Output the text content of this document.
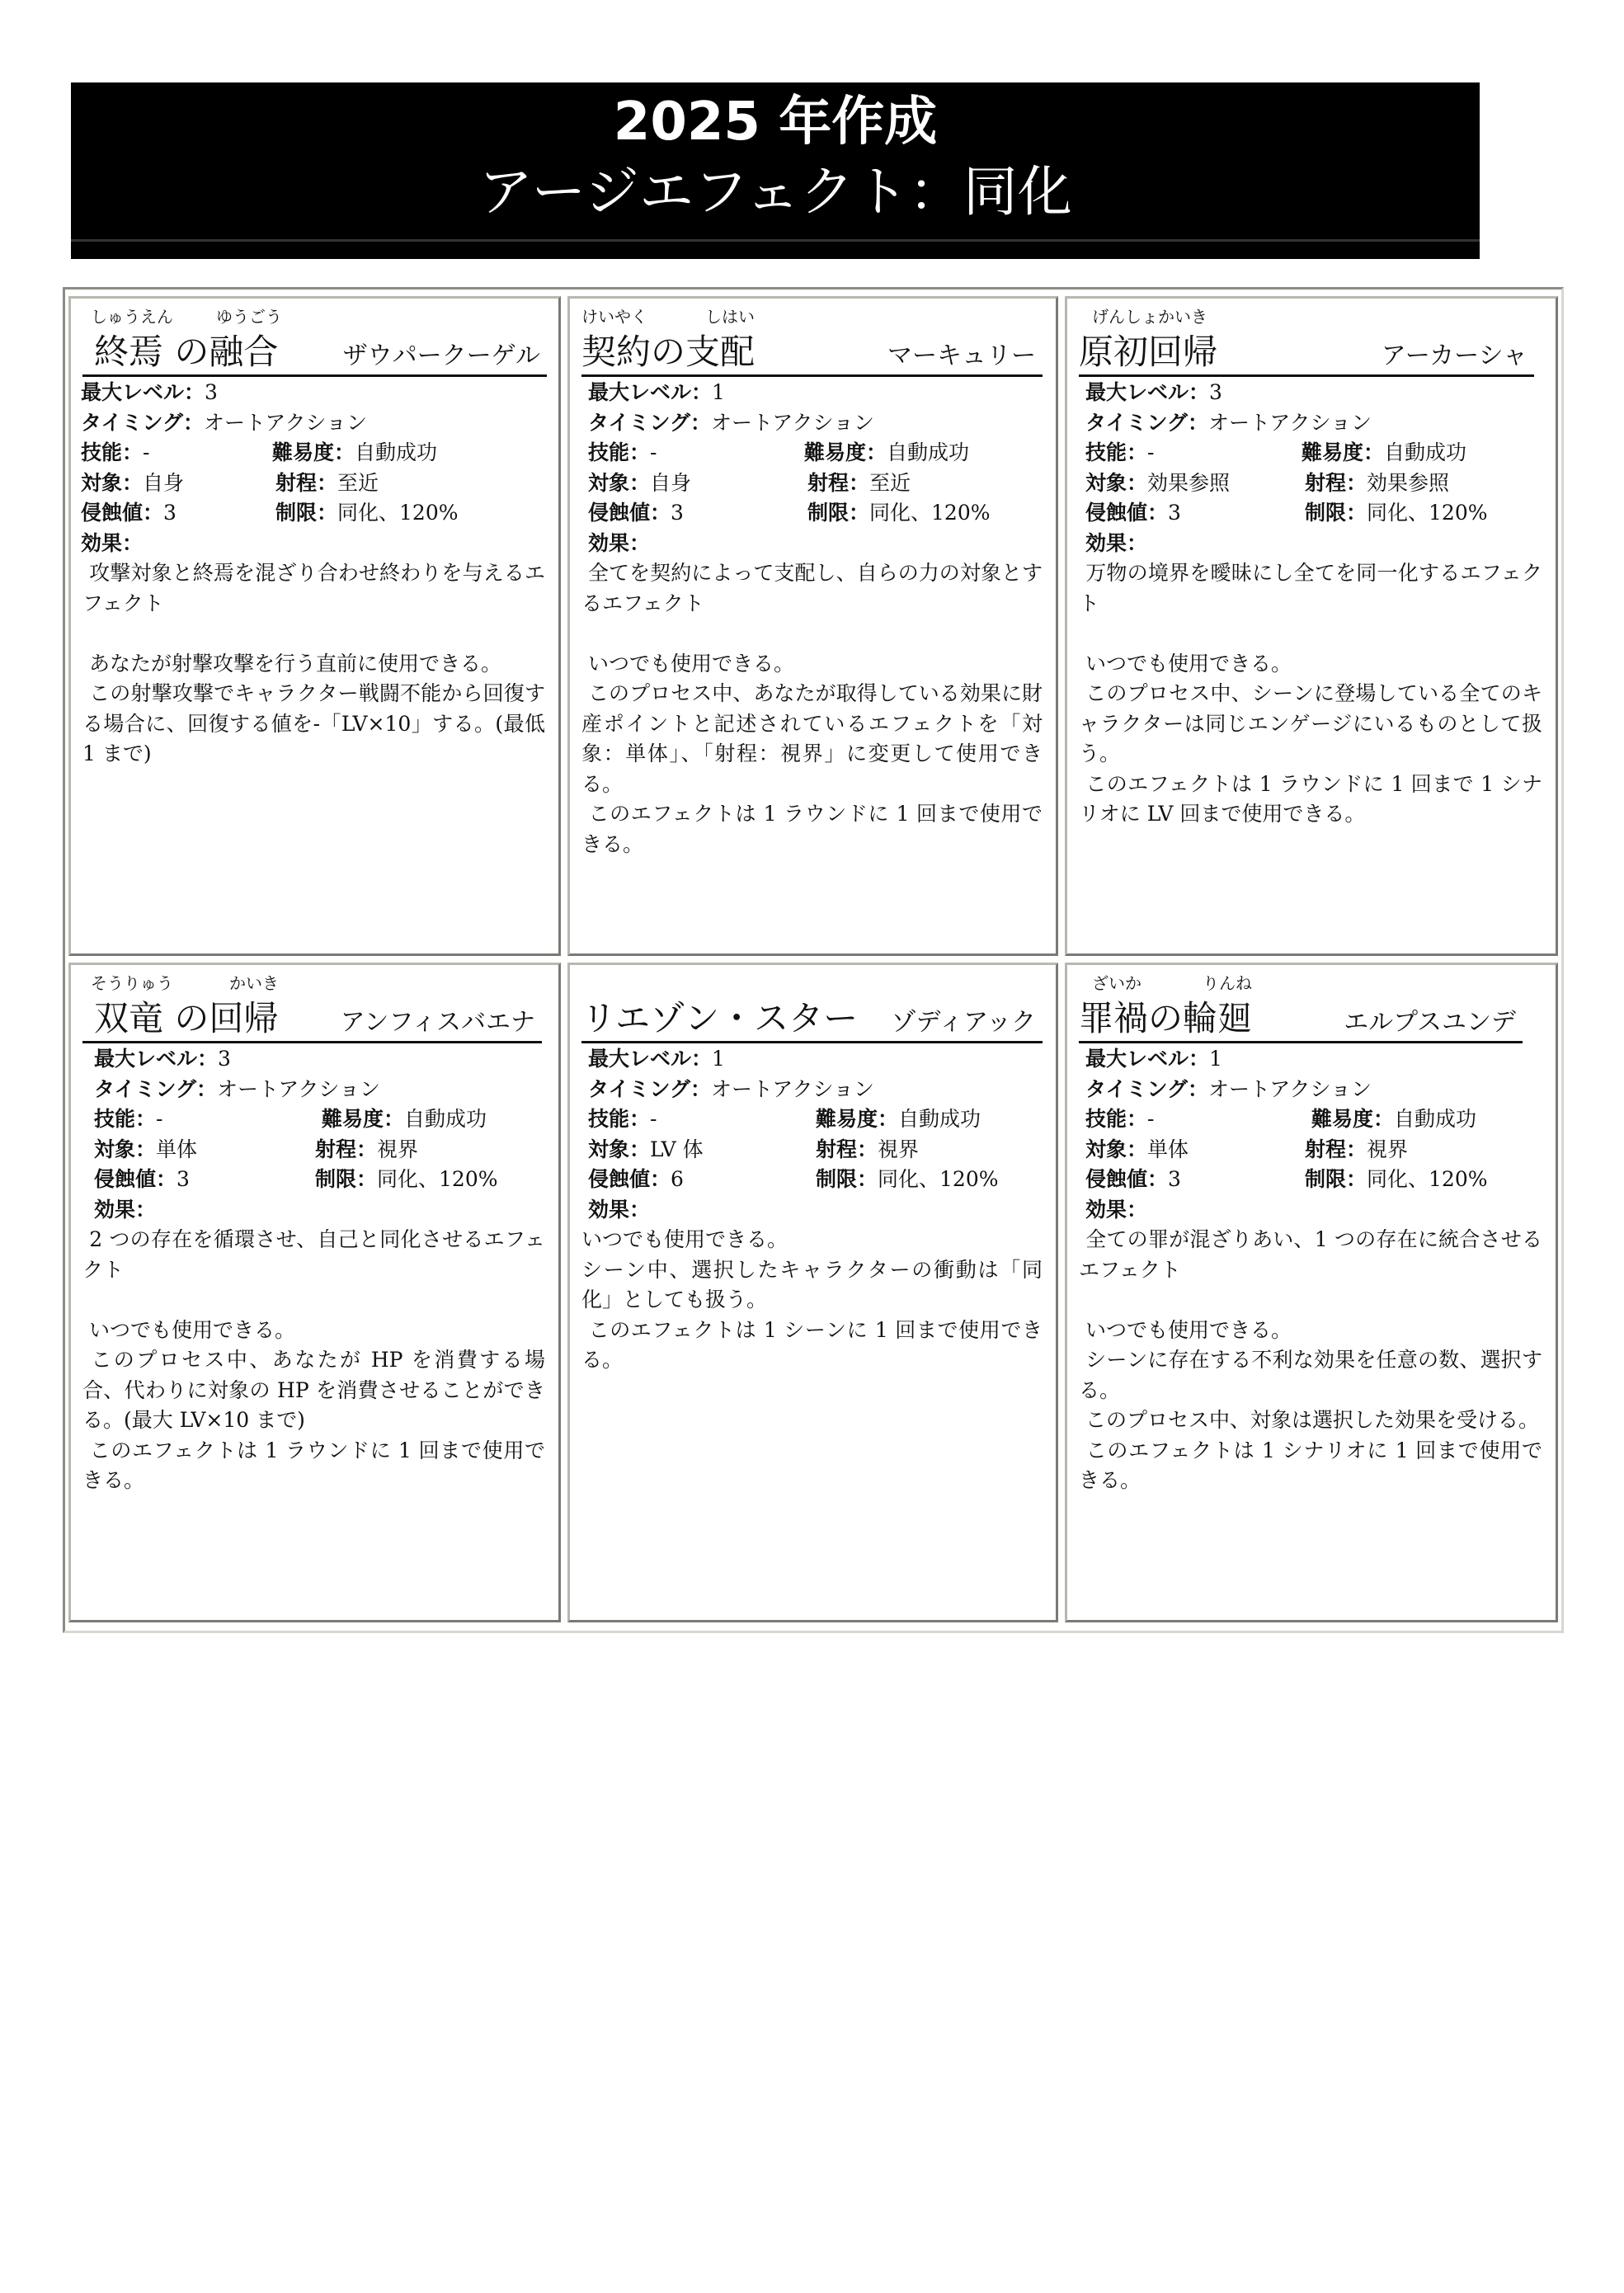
2025 年作成
アージエフェクト：同化
しゅうえん	ゆうごう
終焉 の融合	ザウパークーゲル
最大レベル：3
タイミング：オートアクション
技能：-	難易度：自動成功
対象：自身	射程：至近
侵蝕値：3	制限：同化、120%
効果：
攻撃対象と終焉を混ざり合わせ終わりを与えるエフェクト

あなたが射撃攻撃を行う直前に使用できる。
この射撃攻撃でキャラクター戦闘不能から回復する場合に、回復する値を-「LV×10」する。(最低 1 まで)
けいやく	しはい
契約の支配	マーキュリー
最大レベル：1
タイミング：オートアクション
技能：-	難易度：自動成功
対象：自身	射程：至近
侵蝕値：3	制限：同化、120%
効果：
全てを契約によって支配し、自らの力の対象とするエフェクト

いつでも使用できる。
このプロセス中、あなたが取得している効果に財産ポイントと記述されているエフェクトを「対象：単体」、「射程：視界」に変更して使用できる。
このエフェクトは 1 ラウンドに 1 回まで使用できる。
げんしょかいき
原初回帰	アーカーシャ
最大レベル：3
タイミング：オートアクション
技能：-	難易度：自動成功
対象：効果参照	射程：効果参照
侵蝕値：3	制限：同化、120%
効果：
万物の境界を曖昧にし全てを同一化するエフェクト

いつでも使用できる。
このプロセス中、シーンに登場している全てのキャラクターは同じエンゲージにいるものとして扱う。
このエフェクトは 1 ラウンドに 1 回まで 1 シナリオに LV 回まで使用できる。
そうりゅう	かいき
双竜 の回帰	アンフィスバエナ
最大レベル：3
タイミング：オートアクション
技能：-	難易度：自動成功
対象：単体	射程：視界
侵蝕値：3	制限：同化、120%
効果：
2 つの存在を循環させ、自己と同化させるエフェクト

いつでも使用できる。
このプロセス中、あなたが HP を消費する場合、代わりに対象の HP を消費させることができる。(最大 LV×10 まで)
このエフェクトは 1 ラウンドに 1 回まで使用できる。
リエゾン・スター ゾディアック
最大レベル：1
タイミング：オートアクション
技能：-	難易度：自動成功
対象：LV 体	射程：視界
侵蝕値：6	制限：同化、120%
効果：
いつでも使用できる。
シーン中、選択したキャラクターの衝動は「同化」としても扱う。
このエフェクトは 1 シーンに 1 回まで使用できる。
ざいか	りんね
罪禍の輪廻	エルプスユンデ
最大レベル：1
タイミング：オートアクション
技能：-	難易度：自動成功
対象：単体	射程：視界
侵蝕値：3	制限：同化、120%
効果：
全ての罪が混ざりあい、1 つの存在に統合させるエフェクト

いつでも使用できる。
シーンに存在する不利な効果を任意の数、選択する。
このプロセス中、対象は選択した効果を受ける。
このエフェクトは 1 シナリオに 1 回まで使用できる。
